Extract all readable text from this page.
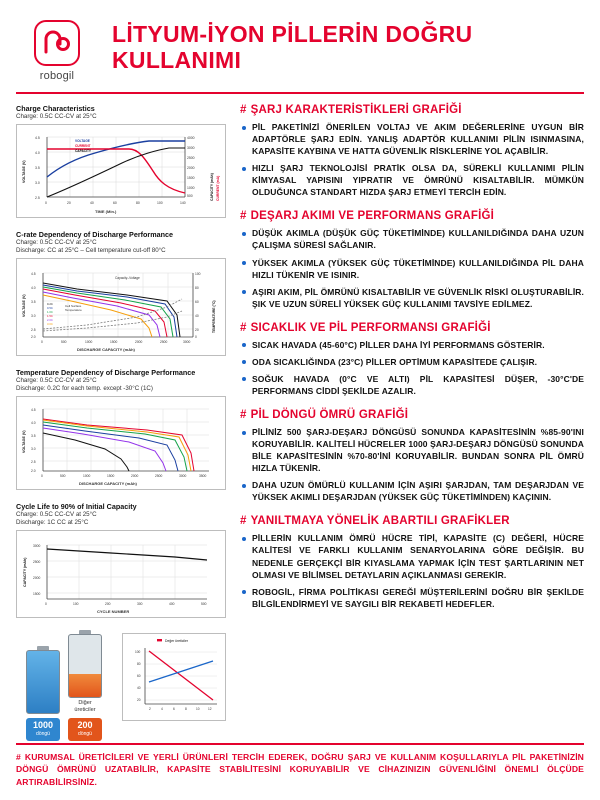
robogil
LİTYUM-İYON PİLLERİN DOĞRU KULLANIMI
Charge Characteristics
Charge: 0.5C CC-CV at 25°C
4.5
4.0
3.5
3.0
2.5
0	20	40	60	80	100	140
4000
3000
2500
2000
1500
1000
500
TIME (Min.)
VOLTAGE
CURRENT
CAPACITY
VOLTAGE (V)
CAPACITY (mAh) CURRENT (mA)
C-rate Dependency of Discharge Performance
Charge: 0.5C CC-CV at 25°C
Discharge: CC at 25°C – Cell temperature cut-off 80°C
4.5
4.0
3.5
3.0
2.5
2.0
0	500	1000	1500	2000	2500	3000
100
80
60
40
20
0
DISCHARGE CAPACITY (mAh)
Capacity–Voltage
Cell Surface
Temperature
0.2C
0.5C
1.0C
1.5C
2.0C
3.0C
VOLTAGE (V)	TEMPERATURE (°C)
Temperature Dependency of Discharge Performance
Charge: 0.5C CC-CV at 25°C
Discharge: 0.2C for each temp. except -30°C (1C)
4.5
4.0
3.5
3.0
2.5
2.0
0	500	1000	1500	2000	2500	3000	3500
DISCHARGE CAPACITY (mAh)
VOLTAGE (V)
Cycle Life to 90% of Initial Capacity
Charge: 0.5C CC-CV at 25°C
Discharge: 1C CC at 25°C
3000
2500
2000
1500
0	100	200	300	400	500
CYCLE NUMBER
CAPACITY (mAh)
1000
döngü
Diğer üreticiler
200
döngü
100
80
60
40
20
2	4	6	8	10	12
Değer üreticiler
# ŞARJ KARAKTERİSTİKLERİ GRAFİĞİ
PİL PAKETİNİZİ ÖNERİLEN VOLTAJ VE AKIM DEĞERLERİNE UYGUN BİR ADAPTÖRLE ŞARJ EDİN. YANLIŞ ADAPTÖR KULLANIMI PİLİN ISINMASINA, KAPASİTE KAYBINA VE HATTA GÜVENLİK RİSKLERİNE YOL AÇABİLİR.
HIZLI ŞARJ TEKNOLOJİSİ PRATİK OLSA DA, SÜREKLİ KULLANIMI PİLİN KİMYASAL YAPISINI YIPRATIR VE ÖMRÜNÜ KISALTABİLİR. MÜMKÜN OLDUĞUNCA STANDART HIZDA ŞARJ ETMEYİ TERCİH EDİN.
# DEŞARJ AKIMI VE PERFORMANS GRAFİĞİ
DÜŞÜK AKIMLA (DÜŞÜK GÜÇ TÜKETİMİNDE) KULLANILDIĞINDA DAHA UZUN ÇALIŞMA SÜRESİ SAĞLANIR.
YÜKSEK AKIMLA (YÜKSEK GÜÇ TÜKETİMİNDE) KULLANILDIĞINDA PİL DAHA HIZLI TÜKENİR VE ISINIR.
AŞIRI AKIM, PİL ÖMRÜNÜ KISALTABİLİR VE GÜVENLİK RİSKİ OLUŞTURABİLİR. ŞIK VE UZUN SÜRELİ YÜKSEK GÜÇ KULLANIMI TAVSİYE EDİLMEZ.
# SICAKLIK VE PİL PERFORMANSI GRAFİĞİ
SICAK HAVADA (45-60°C) PİLLER DAHA İYİ PERFORMANS GÖSTERİR.
ODA SICAKLIĞINDA (23°C) PİLLER OPTİMUM KAPASİTEDE ÇALIŞIR.
SOĞUK HAVADA (0°C VE ALTI) PİL KAPASİTESİ DÜŞER, -30°C'DE PERFORMANS CİDDİ ŞEKİLDE AZALIR.
# PİL DÖNGÜ ÖMRÜ GRAFİĞİ
PİLİNİZ 500 ŞARJ-DEŞARJ DÖNGÜSÜ SONUNDA KAPASİTESİNİN %85-90'INI KORUYABİLİR. KALİTELİ HÜCRELER 1000 ŞARJ-DEŞARJ DÖNGÜSÜ SONUNDA BİLE KAPASİTESİNİN %70-80'İNİ KORUYABİLİR. BUNDAN SONRA PİL ÖMRÜ HIZLA TÜKENİR.
DAHA UZUN ÖMÜRLÜ KULLANIM İÇİN AŞIRI ŞARJDAN, TAM DEŞARJDAN VE YÜKSEK AKIMLI DEŞARJDAN (YÜKSEK GÜÇ TÜKETİMİNDEN) KAÇININ.
# YANILTMAYA YÖNELİK ABARTILI GRAFİKLER
PİLLERİN KULLANIM ÖMRÜ HÜCRE TİPİ, KAPASİTE (C) DEĞERİ, HÜCRE KALİTESİ VE FARKLI KULLANIM SENARYOLARINA GÖRE DEĞİŞİR. BU NEDENLE GERÇEKÇİ BİR KIYASLAMA YAPMAK İÇİN TEST ŞARTLARININ NET OLMASI VE BİLİMSEL DETAYLARIN AÇIKLANMASI GEREKİR.
ROBOGİL, FİRMA POLİTİKASI GEREĞİ MÜŞTERİLERİNİ DOĞRU BİR ŞEKİLDE BİLGİLENDİRMEYİ VE SAYGILI BİR REKABETİ HEDEFLER.
# KURUMSAL ÜRETİCİLERİ VE YERLİ ÜRÜNLERİ TERCİH EDEREK, DOĞRU ŞARJ VE KULLANIM KOŞULLARIYLA PİL PAKETİNİZİN DÖNGÜ ÖMRÜNÜ UZATABİLİR, KAPASİTE STABİLİTESİNİ KORUYABİLİR VE CİHAZINIZIN GÜVENLİĞİNİ ÖNEMLİ ÖLÇÜDE ARTIRABİLİRSİNİZ.
